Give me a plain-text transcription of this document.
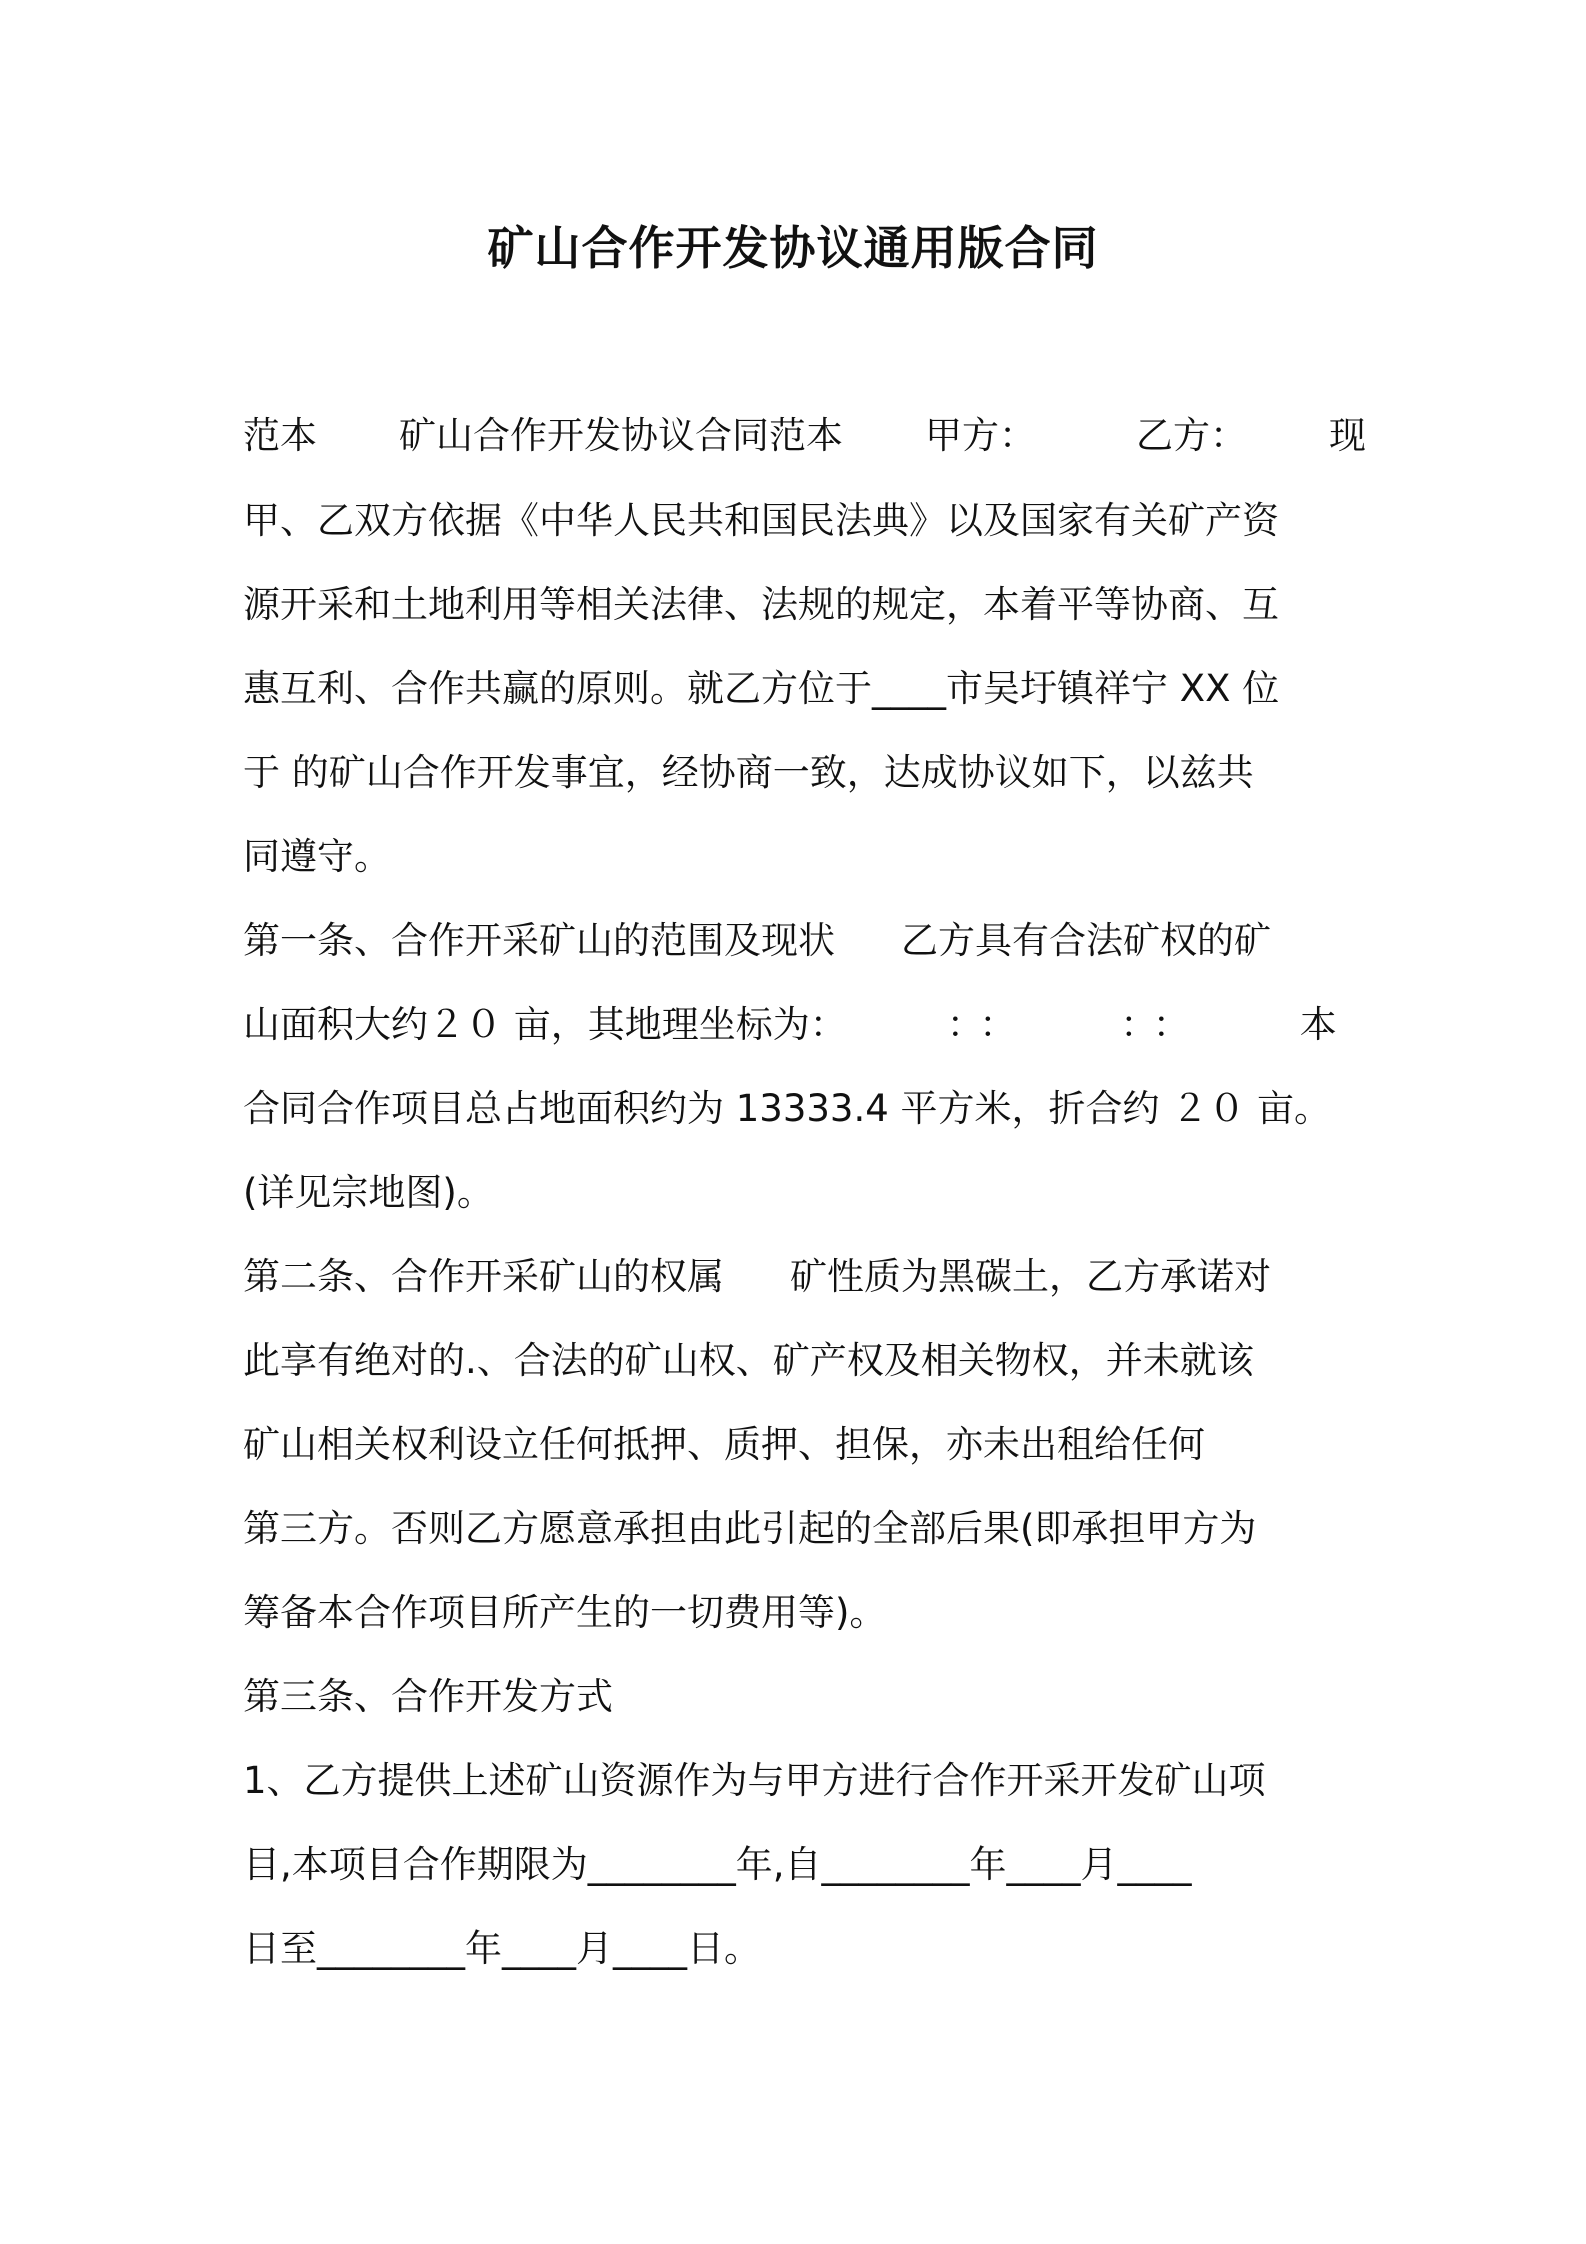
矿山合作开发协议通用版合同
范本 矿山合作开发协议合同范本 甲方：	乙方： 现
甲、乙双方依据《中华人民共和国民法典》以及国家有关矿产资
源开采和土地利用等相关法律、法规的规定，本着平等协商、互
惠互利、合作共赢的原则。就乙方位于____市吴圩镇祥宁 XX 位
于 的矿山合作开发事宜，经协商一致，达成协议如下，以兹共
同遵守。
第一条、合作开采矿山的范围及现状 乙方具有合法矿权的矿
山面积大约２０ 亩，其地理坐标为：	：： ：：	本
合同合作项目总占地面积约为 13333.4 平方米，折合约 ２０ 亩。
(详见宗地图)。
第二条、合作开采矿山的权属 矿性质为黑碳土，乙方承诺对
此享有绝对的.、合法的矿山权、矿产权及相关物权，并未就该
矿山相关权利设立任何抵押、质押、担保，亦未出租给任何
第三方。否则乙方愿意承担由此引起的全部后果(即承担甲方为
筹备本合作项目所产生的一切费用等)。
第三条、合作开发方式
1、乙方提供上述矿山资源作为与甲方进行合作开采开发矿山项
目,本项目合作期限为________年,自________年____月____
日至________年____月____日。
